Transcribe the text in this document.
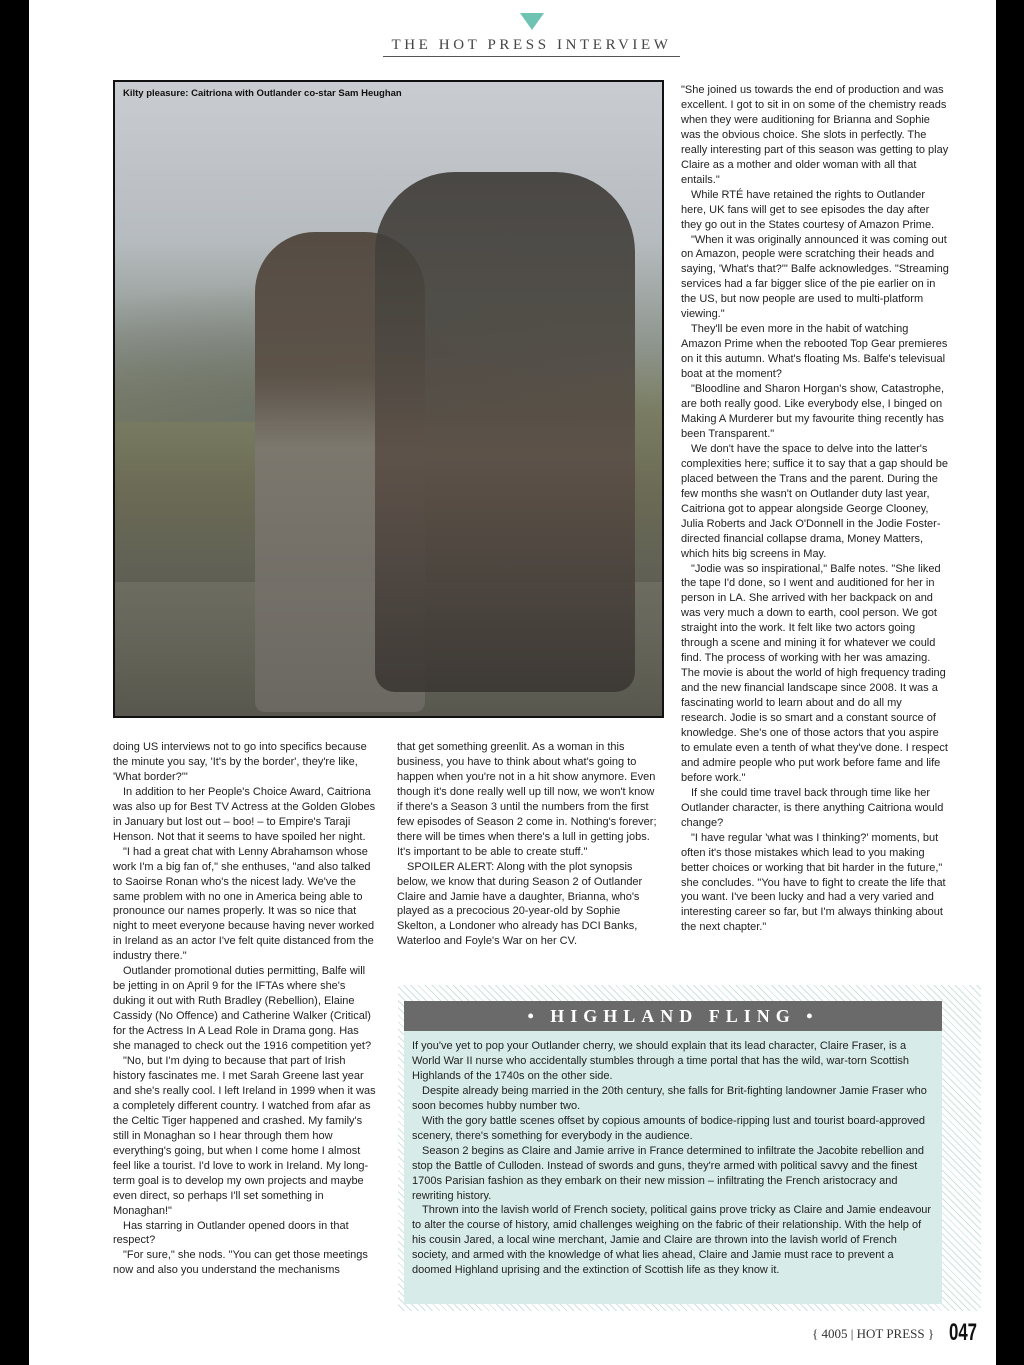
THE HOT PRESS INTERVIEW
Kilty pleasure: Caitriona with Outlander co-star Sam Heughan

doing US interviews not to go into specifics because the minute you say, 'It's by the border', they're like, 'What border?'"

In addition to her People's Choice Award, Caitriona was also up for Best TV Actress at the Golden Globes in January but lost out – boo! – to Empire's Taraji Henson. Not that it seems to have spoiled her night.

"I had a great chat with Lenny Abrahamson whose work I'm a big fan of," she enthuses, "and also talked to Saoirse Ronan who's the nicest lady. We've the same problem with no one in America being able to pronounce our names properly. It was so nice that night to meet everyone because having never worked in Ireland as an actor I've felt quite distanced from the industry there."

Outlander promotional duties permitting, Balfe will be jetting in on April 9 for the IFTAs where she's duking it out with Ruth Bradley (Rebellion), Elaine Cassidy (No Offence) and Catherine Walker (Critical) for the Actress In A Lead Role in Drama gong. Has she managed to check out the 1916 competition yet?

"No, but I'm dying to because that part of Irish history fascinates me. I met Sarah Greene last year and she's really cool. I left Ireland in 1999 when it was a completely different country. I watched from afar as the Celtic Tiger happened and crashed. My family's still in Monaghan so I hear through them how everything's going, but when I come home I almost feel like a tourist. I'd love to work in Ireland. My long-term goal is to develop my own projects and maybe even direct, so perhaps I'll set something in Monaghan!"

Has starring in Outlander opened doors in that respect?

"For sure," she nods. "You can get those meetings now and also you understand the mechanisms

that get something greenlit. As a woman in this business, you have to think about what's going to happen when you're not in a hit show anymore. Even though it's done really well up till now, we won't know if there's a Season 3 until the numbers from the first few episodes of Season 2 come in. Nothing's forever; there will be times when there's a lull in getting jobs. It's important to be able to create stuff."

SPOILER ALERT: Along with the plot synopsis below, we know that during Season 2 of Outlander Claire and Jamie have a daughter, Brianna, who's played as a precocious 20-year-old by Sophie Skelton, a Londoner who already has DCI Banks, Waterloo and Foyle's War on her CV.

"She joined us towards the end of production and was excellent. I got to sit in on some of the chemistry reads when they were auditioning for Brianna and Sophie was the obvious choice. She slots in perfectly. The really interesting part of this season was getting to play Claire as a mother and older woman with all that entails."

While RTÉ have retained the rights to Outlander here, UK fans will get to see episodes the day after they go out in the States courtesy of Amazon Prime.

"When it was originally announced it was coming out on Amazon, people were scratching their heads and saying, 'What's that?'" Balfe acknowledges. "Streaming services had a far bigger slice of the pie earlier on in the US, but now people are used to multi-platform viewing."

They'll be even more in the habit of watching Amazon Prime when the rebooted Top Gear premieres on it this autumn. What's floating Ms. Balfe's televisual boat at the moment?

"Bloodline and Sharon Horgan's show, Catastrophe, are both really good. Like everybody else, I binged on Making A Murderer but my favourite thing recently has been Transparent."

We don't have the space to delve into the latter's complexities here; suffice it to say that a gap should be placed between the Trans and the parent. During the few months she wasn't on Outlander duty last year, Caitriona got to appear alongside George Clooney, Julia Roberts and Jack O'Donnell in the Jodie Foster-directed financial collapse drama, Money Matters, which hits big screens in May.

"Jodie was so inspirational," Balfe notes. "She liked the tape I'd done, so I went and auditioned for her in person in LA. She arrived with her backpack on and was very much a down to earth, cool person. We got straight into the work. It felt like two actors going through a scene and mining it for whatever we could find. The process of working with her was amazing. The movie is about the world of high frequency trading and the new financial landscape since 2008. It was a fascinating world to learn about and do all my research. Jodie is so smart and a constant source of knowledge. She's one of those actors that you aspire to emulate even a tenth of what they've done. I respect and admire people who put work before fame and life before work."

If she could time travel back through time like her Outlander character, is there anything Caitriona would change?

"I have regular 'what was I thinking?' moments, but often it's those mistakes which lead to you making better choices or working that bit harder in the future," she concludes. "You have to fight to create the life that you want. I've been lucky and had a very varied and interesting career so far, but I'm always thinking about the next chapter."

• HIGHLAND FLING •

If you've yet to pop your Outlander cherry, we should explain that its lead character, Claire Fraser, is a World War II nurse who accidentally stumbles through a time portal that has the wild, war-torn Scottish Highlands of the 1740s on the other side.

Despite already being married in the 20th century, she falls for Brit-fighting landowner Jamie Fraser who soon becomes hubby number two.

With the gory battle scenes offset by copious amounts of bodice-ripping lust and tourist board-approved scenery, there's something for everybody in the audience.

Season 2 begins as Claire and Jamie arrive in France determined to infiltrate the Jacobite rebellion and stop the Battle of Culloden. Instead of swords and guns, they're armed with political savvy and the finest 1700s Parisian fashion as they embark on their new mission – infiltrating the French aristocracy and rewriting history.

Thrown into the lavish world of French society, political gains prove tricky as Claire and Jamie endeavour to alter the course of history, amid challenges weighing on the fabric of their relationship. With the help of his cousin Jared, a local wine merchant, Jamie and Claire are thrown into the lavish world of French society, and armed with the knowledge of what lies ahead, Claire and Jamie must race to prevent a doomed Highland uprising and the extinction of Scottish life as they know it.

{ 4005 | HOT PRESS } 047
